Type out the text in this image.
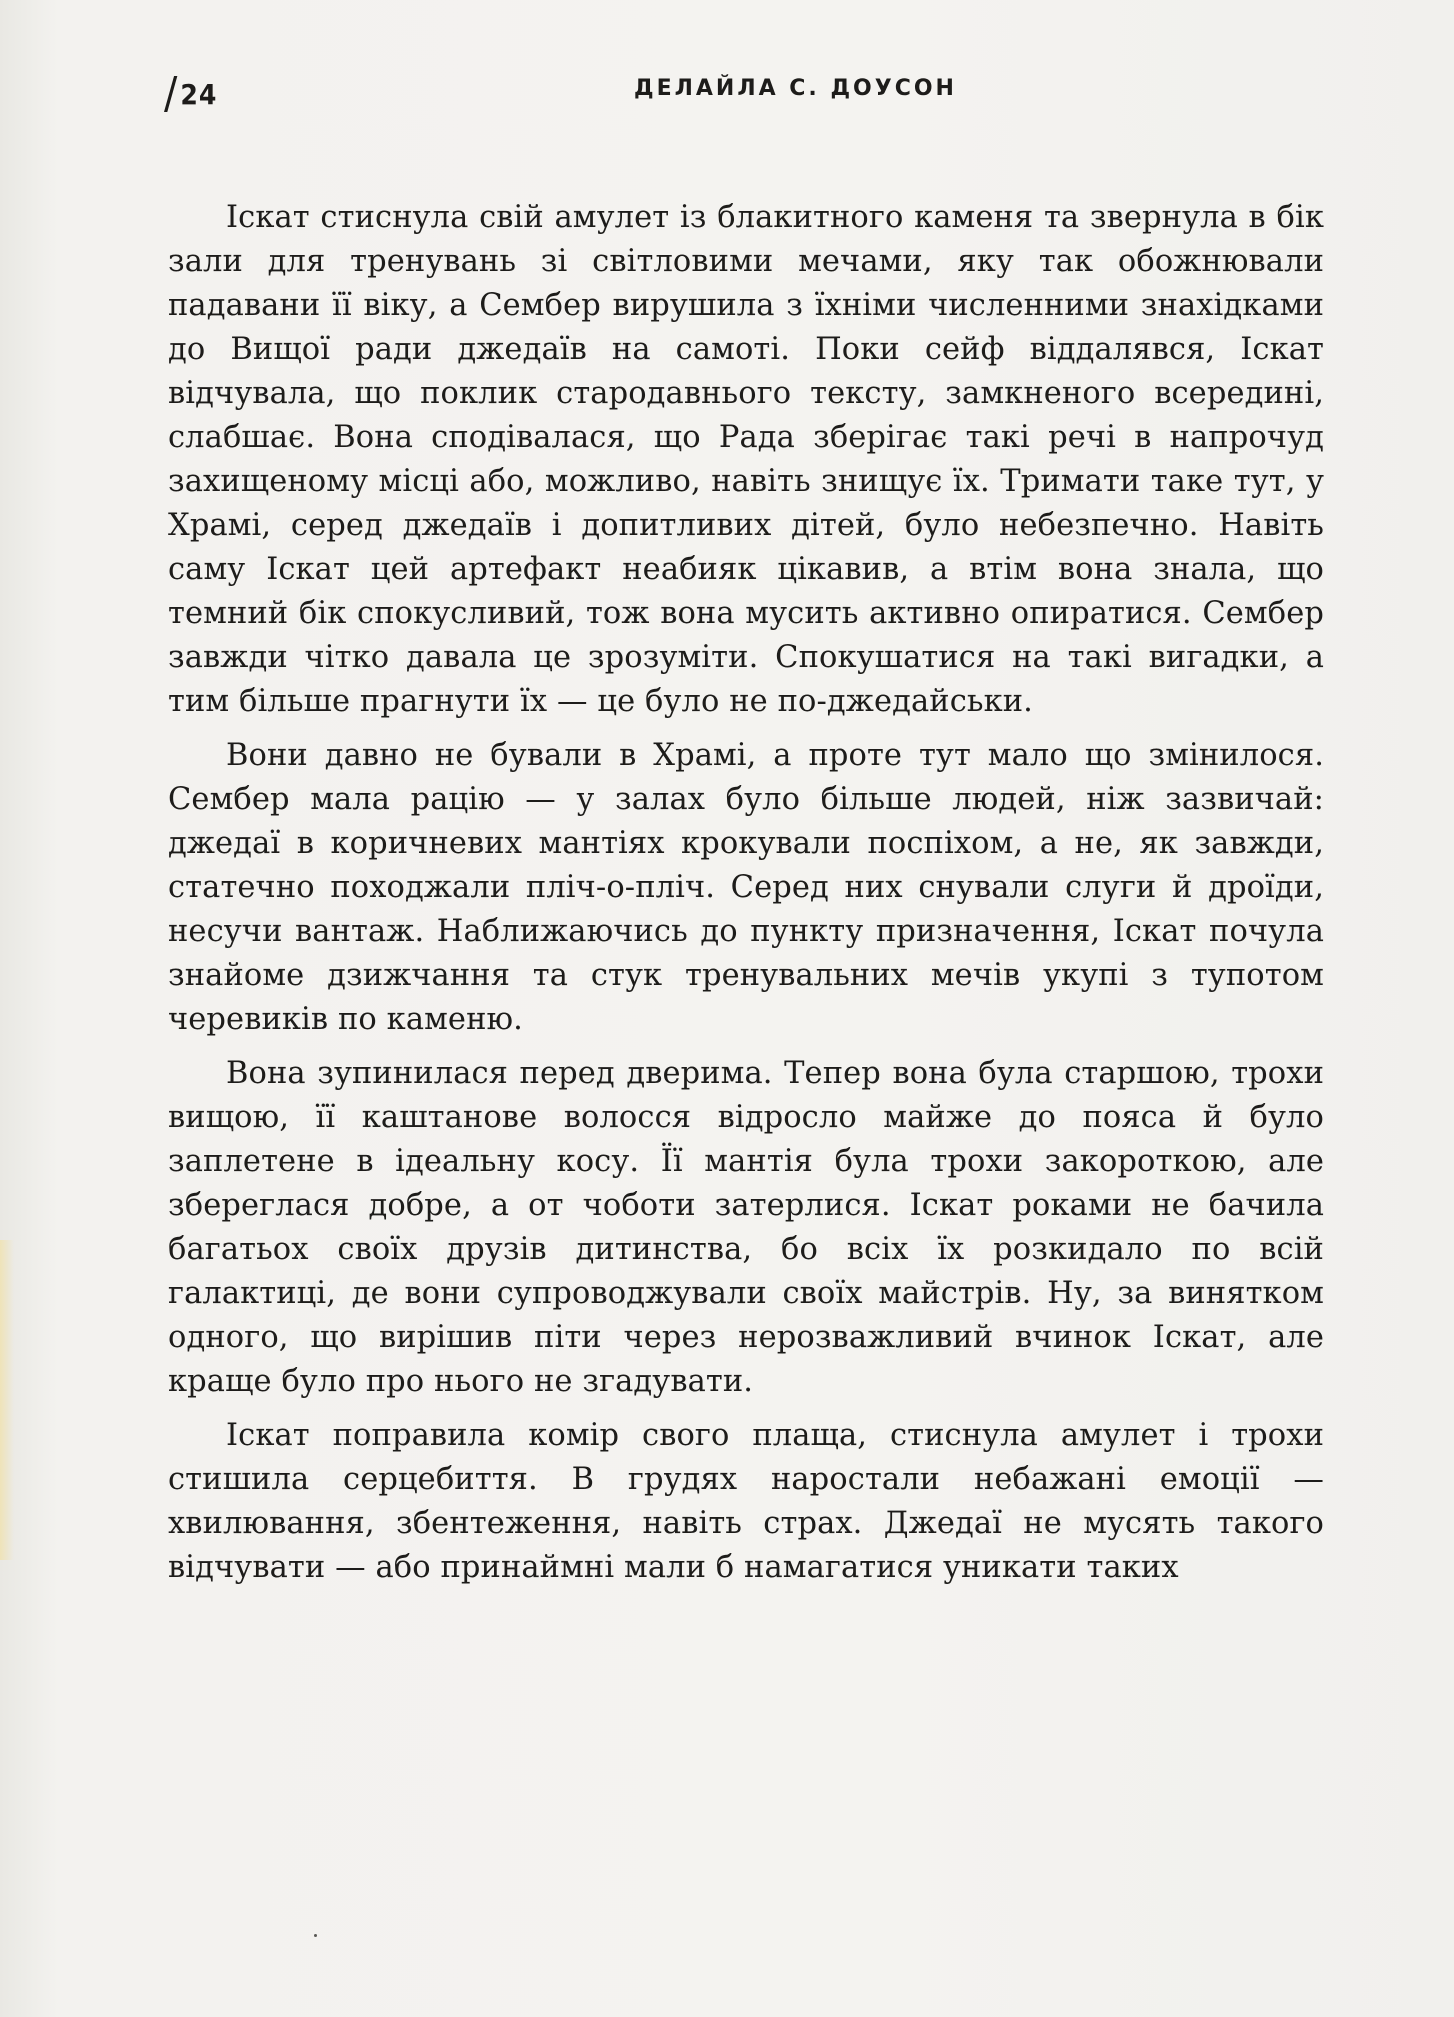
/24	ДЕЛАЙЛА С. ДОУСОН

Іскат стиснула свій амулет із блакитного каменя та звернула в бік зали для тренувань зі світловими мечами, яку так обожнювали падавани її віку, а Сембер вирушила з їхніми численними знахідками до Вищої ради джедаїв на самоті. Поки сейф віддалявся, Іскат відчувала, що поклик стародавнього тексту, замкненого всередині, слабшає. Вона сподівалася, що Рада зберігає такі речі в напрочуд захищеному місці або, можливо, навіть знищує їх. Тримати таке тут, у Храмі, серед джедаїв і допитливих дітей, було небезпечно. Навіть саму Іскат цей артефакт неабияк цікавив, а втім вона знала, що темний бік спокусливий, тож вона мусить активно опиратися. Сембер завжди чітко давала це зрозуміти. Спокушатися на такі вигадки, а тим більше прагнути їх — це було не по-джедайськи.

Вони давно не бували в Храмі, а проте тут мало що змінилося. Сембер мала рацію — у залах було більше людей, ніж зазвичай: джедаї в коричневих мантіях крокували поспіхом, а не, як завжди, статечно походжали пліч-о-пліч. Серед них снували слуги й дроїди, несучи вантаж. Наближаючись до пункту призначення, Іскат почула знайоме дзижчання та стук тренувальних мечів укупі з тупотом черевиків по каменю.

Вона зупинилася перед дверима. Тепер вона була старшою, трохи вищою, її каштанове волосся відросло майже до пояса й було заплетене в ідеальну косу. Її мантія була трохи закороткою, але збереглася добре, а от чоботи затерлися. Іскат роками не бачила багатьох своїх друзів дитинства, бо всіх їх розкидало по всій галактиці, де вони супроводжували своїх майстрів. Ну, за винятком одного, що вирішив піти через нерозважливий вчинок Іскат, але краще було про нього не згадувати.

Іскат поправила комір свого плаща, стиснула амулет і трохи стишила серцебиття. В грудях наростали небажані емоції — хвилювання, збентеження, навіть страх. Джедаї не мусять такого відчувати — або принаймні мали б намагатися уникати таких
